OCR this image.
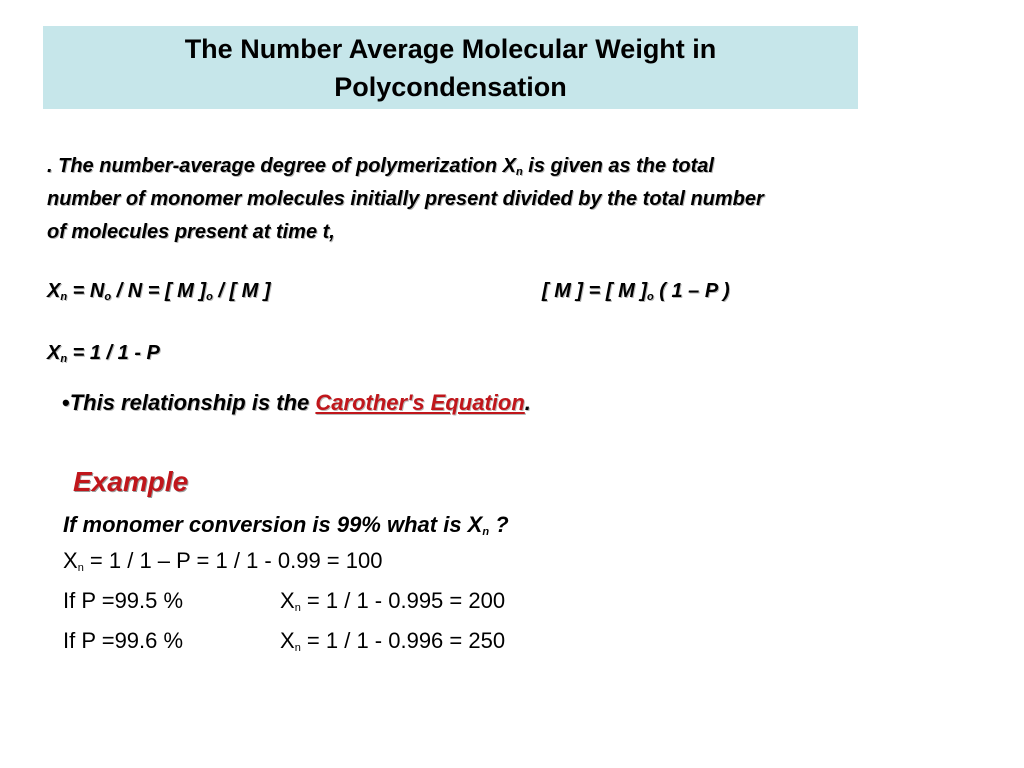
The Number Average Molecular Weight in
Polycondensation
. The number-average degree of polymerization $X_n$ is given as the total
number of monomer molecules initially present divided by the total number
of molecules present at time t,
$X_n = N_o / N$ = [ M ]$_o$ / [ M ]	[ M ] = [ M ]$_o$ ( 1 – P )
$X_n = 1 / 1 - P$
•This relationship is the Carother's Equation.
Example
If monomer conversion is 99% what is $X_n$ ?
$X_n = 1 / 1 - P = 1 / 1 - 0.99 = 100$
If P =99.5 %	$X_n = 1 / 1 - 0.995 = 200$
If P =99.6 %	$X_n = 1 / 1 - 0.996 = 250$
